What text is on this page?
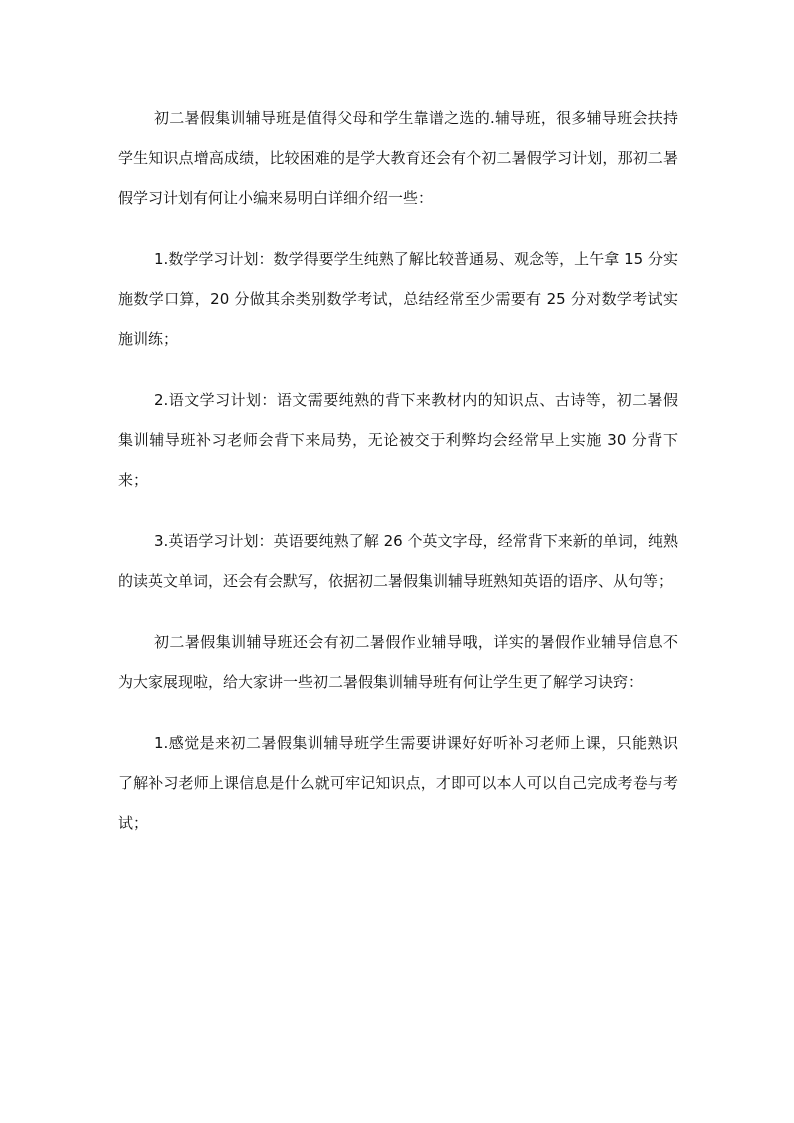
初二暑假集训辅导班是值得父母和学生靠谱之选的.辅导班，很多辅导班会扶持学生知识点增高成绩，比较困难的是学大教育还会有个初二暑假学习计划，那初二暑假学习计划有何让小编来易明白详细介绍一些：

1.数学学习计划：数学得要学生纯熟了解比较普通易、观念等，上午拿 15 分实施数学口算，20 分做其余类别数学考试，总结经常至少需要有 25 分对数学考试实施训练；

2.语文学习计划：语文需要纯熟的背下来教材内的知识点、古诗等，初二暑假集训辅导班补习老师会背下来局势，无论被交于利弊均会经常早上实施 30 分背下来；

3.英语学习计划：英语要纯熟了解 26 个英文字母，经常背下来新的单词，纯熟的读英文单词，还会有会默写，依据初二暑假集训辅导班熟知英语的语序、从句等；

初二暑假集训辅导班还会有初二暑假作业辅导哦，详实的暑假作业辅导信息不为大家展现啦，给大家讲一些初二暑假集训辅导班有何让学生更了解学习诀窍：

1.感觉是来初二暑假集训辅导班学生需要讲课好好听补习老师上课，只能熟识了解补习老师上课信息是什么就可牢记知识点，才即可以本人可以自己完成考卷与考试；
